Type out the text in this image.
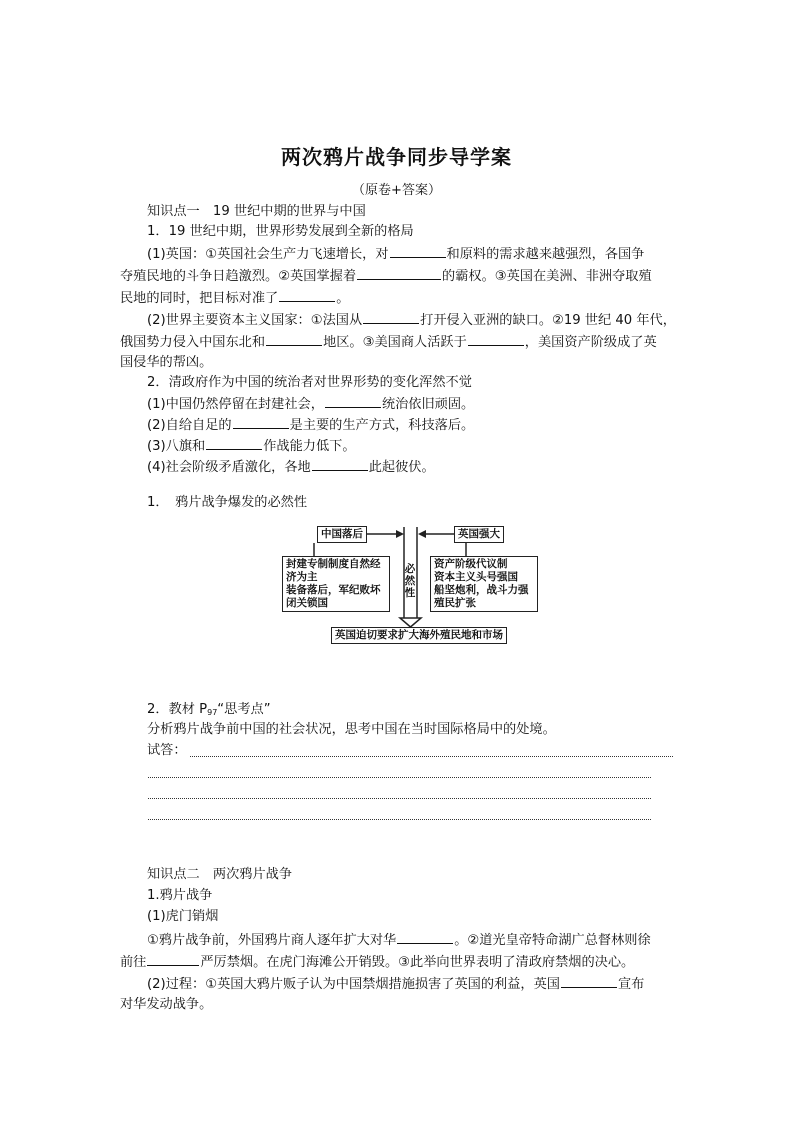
两次鸦片战争同步导学案
（原卷+答案）
知识点一　19 世纪中期的世界与中国
1．19 世纪中期，世界形势发展到全新的格局
(1)英国：①英国社会生产力飞速增长，对	和原料的需求越来越强烈，各国争
夺殖民地的斗争日趋激烈。②英国掌握着	的霸权。③英国在美洲、非洲夺取殖
民地的同时，把目标对准了	。
(2)世界主要资本主义国家：①法国从	打开侵入亚洲的缺口。②19 世纪 40 年代，
俄国势力侵入中国东北和	地区。③美国商人活跃于	，美国资产阶级成了英
国侵华的帮凶。
2．清政府作为中国的统治者对世界形势的变化浑然不觉
(1)中国仍然停留在封建社会，	统治依旧顽固。
(2)自给自足的	是主要的生产方式，科技落后。
(3)八旗和	作战能力低下。
(4)社会阶级矛盾激化，各地	此起彼伏。
1．　鸦片战争爆发的必然性
中国落后	英国强大
封建专制制度自然经
济为主
装备落后，军纪败坏
闭关锁国
必
然
性
资产阶级代议制
资本主义头号强国
船坚炮利，战斗力强
殖民扩张
英国迫切要求扩大海外殖民地和市场
2．教材 $P_{97}“$思考点”
分析鸦片战争前中国的社会状况，思考中国在当时国际格局中的处境。
试答：
知识点二　两次鸦片战争
1.鸦片战争
(1)虎门销烟
①鸦片战争前，外国鸦片商人逐年扩大对华	。②道光皇帝特命湖广总督林则徐
前往	严厉禁烟。在虎门海滩公开销毁。③此举向世界表明了清政府禁烟的决心。
(2)过程：①英国大鸦片贩子认为中国禁烟措施损害了英国的利益，英国	宣布
对华发动战争。
